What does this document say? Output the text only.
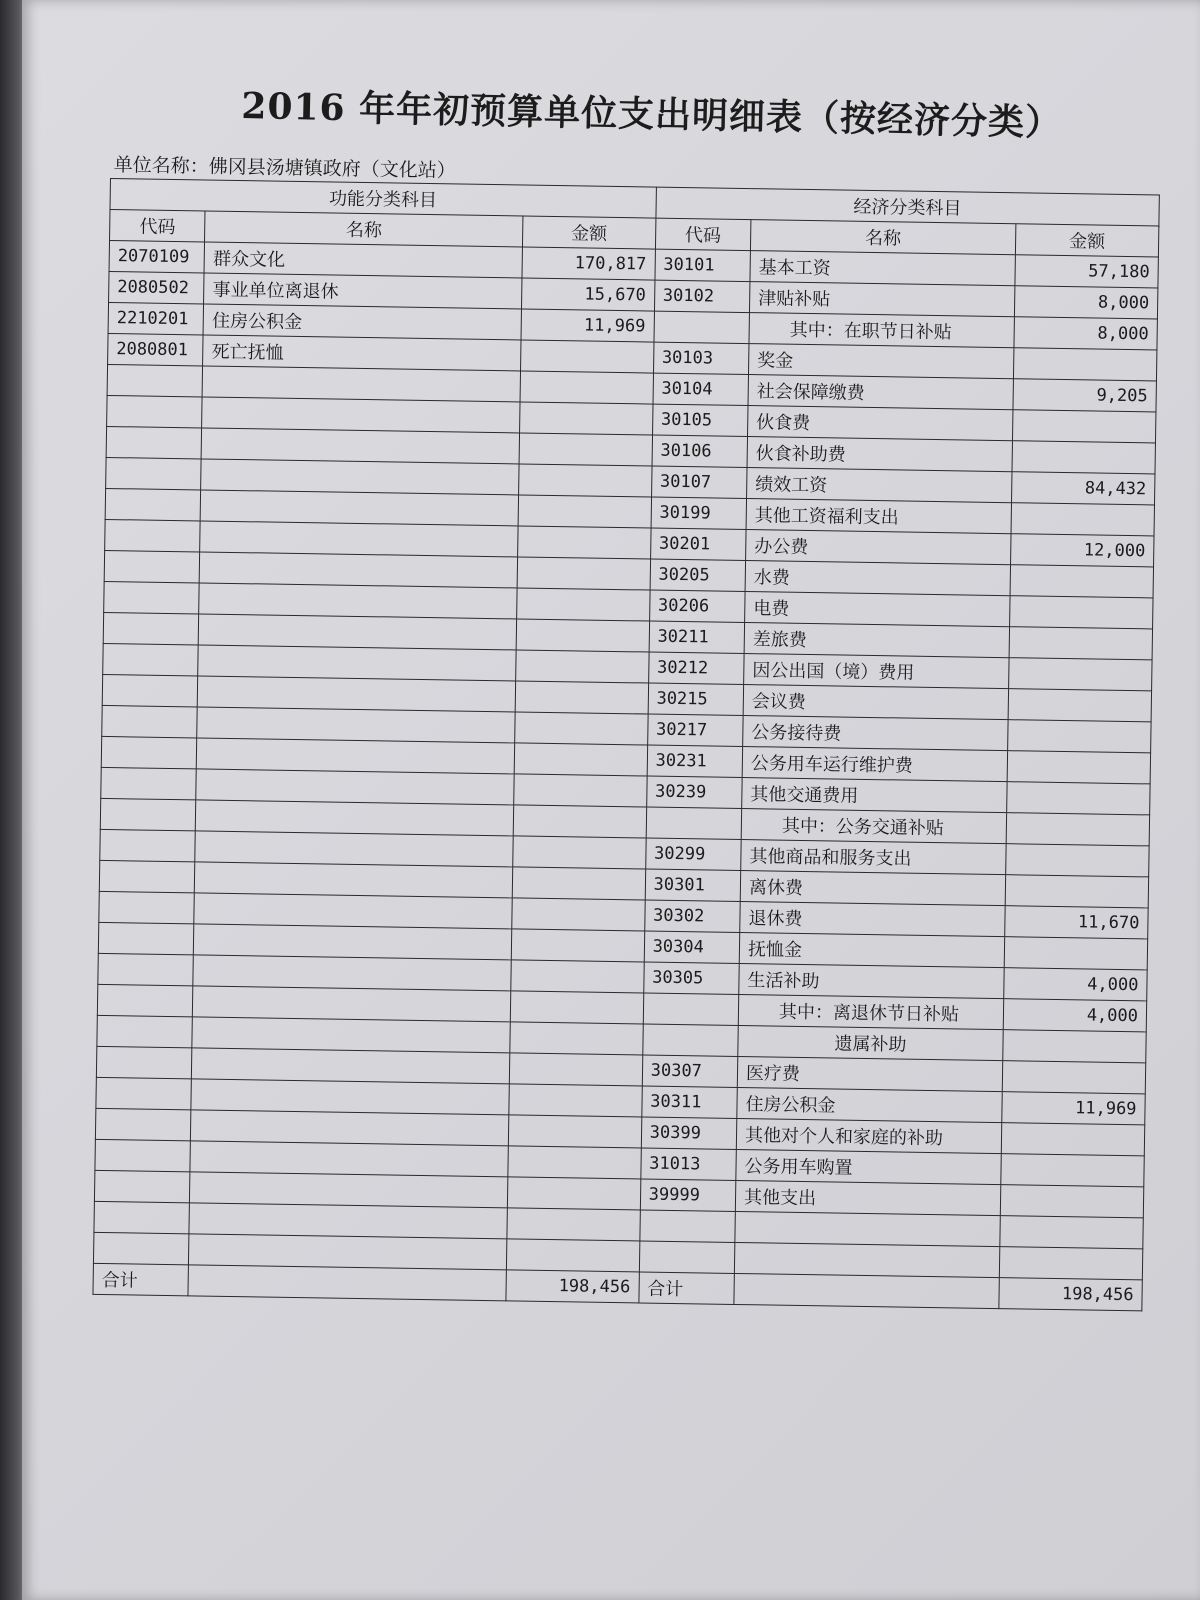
2016 年年初预算单位支出明细表（按经济分类）
单位名称：佛冈县汤塘镇政府（文化站）
功能分类科目			经济分类科目		
代码	名称	金额			
			代码	名称	金额
2070109	群众文化	170,817	30101	基本工资	57,180
2080502	事业单位离退休	15,670	30102	津贴补贴	8,000
2210201	住房公积金	11,969		其中：在职节日补贴	8,000
2080801	死亡抚恤		30103	奖金	
			30104	社会保障缴费	9,205
			30105	伙食费	
			30106	伙食补助费	
			30107	绩效工资	84,432
			30199	其他工资福利支出	
			30201	办公费	12,000
			30205	水费	
			30206	电费	
			30211	差旅费	
			30212	因公出国（境）费用	
			30215	会议费	
			30217	公务接待费	
			30231	公务用车运行维护费	
			30239	其他交通费用	
				其中：公务交通补贴	
			30299	其他商品和服务支出	
			30301	离休费	
			30302	退休费	11,670
			30304	抚恤金	
			30305	生活补助	4,000
				其中：离退休节日补贴	4,000
				遗属补助	
			30307	医疗费	
			30311	住房公积金	11,969
			30399	其他对个人和家庭的补助	
			31013	公务用车购置	
			39999	其他支出	

合计		198,456	合计		198,456
